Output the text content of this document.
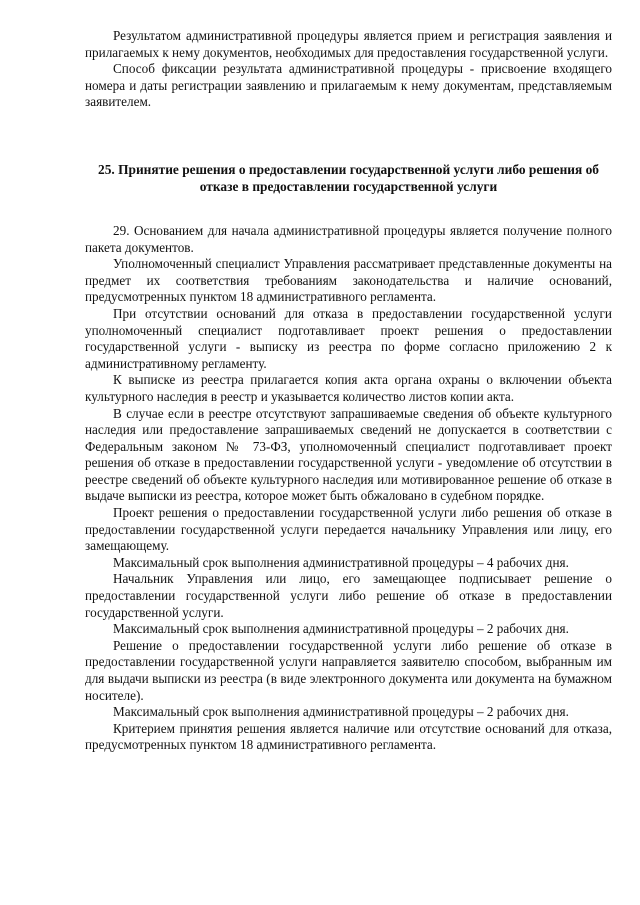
Результатом административной процедуры является прием и регистрация заявления и прилагаемых к нему документов, необходимых для предоставления государственной услуги.

Способ фиксации результата административной процедуры - присвоение входящего номера и даты регистрации заявлению и прилагаемым к нему документам, представляемым заявителем.

25. Принятие решения о предоставлении государственной услуги либо решения об отказе в предоставлении государственной услуги

29. Основанием для начала административной процедуры является получение полного пакета документов.

Уполномоченный специалист Управления рассматривает представленные документы на предмет их соответствия требованиям законодательства и наличие оснований, предусмотренных пунктом 18 административного регламента.

При отсутствии оснований для отказа в предоставлении государственной услуги уполномоченный специалист подготавливает проект решения о предоставлении государственной услуги - выписку из реестра по форме согласно приложению 2 к административному регламенту.

К выписке из реестра прилагается копия акта органа охраны о включении объекта культурного наследия в реестр и указывается количество листов копии акта.

В случае если в реестре отсутствуют запрашиваемые сведения об объекте культурного наследия или предоставление запрашиваемых сведений не допускается в соответствии с Федеральным законом № 73-ФЗ, уполномоченный специалист подготавливает проект решения об отказе в предоставлении государственной услуги - уведомление об отсутствии в реестре сведений об объекте культурного наследия или мотивированное решение об отказе в выдаче выписки из реестра, которое может быть обжаловано в судебном порядке.

Проект решения о предоставлении государственной услуги либо решения об отказе в предоставлении государственной услуги передается начальнику Управления или лицу, его замещающему.

Максимальный срок выполнения административной процедуры – 4 рабочих дня.

Начальник Управления или лицо, его замещающее подписывает решение о предоставлении государственной услуги либо решение об отказе в предоставлении государственной услуги.

Максимальный срок выполнения административной процедуры – 2 рабочих дня.

Решение о предоставлении государственной услуги либо решение об отказе в предоставлении государственной услуги направляется заявителю способом, выбранным им для выдачи выписки из реестра (в виде электронного документа или документа на бумажном носителе).

Максимальный срок выполнения административной процедуры – 2 рабочих дня.

Критерием принятия решения является наличие или отсутствие оснований для отказа, предусмотренных пунктом 18 административного регламента.
